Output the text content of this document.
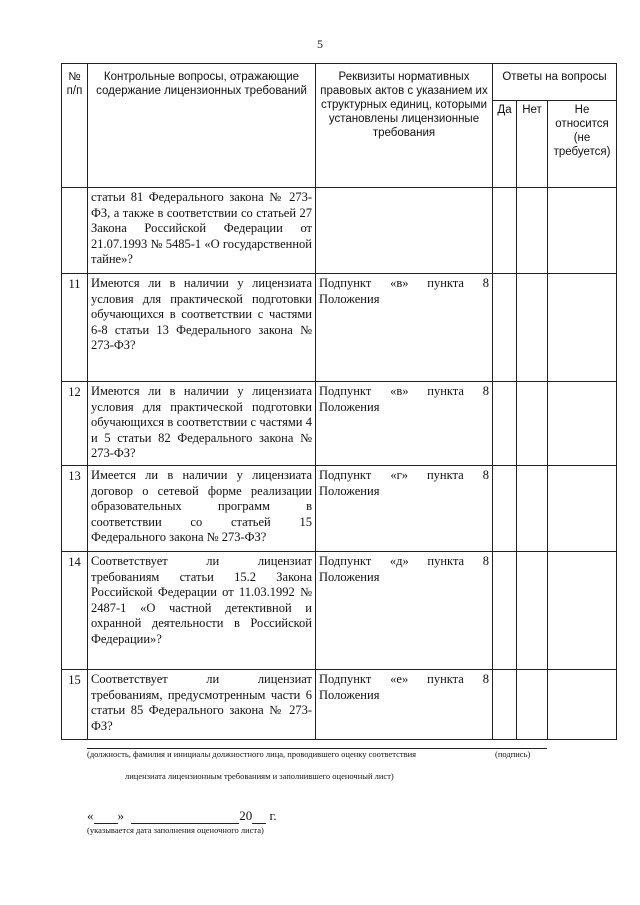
5
№ п/п	Контрольные вопросы, отражающие содержание лицензионных требований	Реквизиты нормативных правовых актов с указанием их структурных единиц, которыми установлены лицензионные требования	Ответы на вопросы		
			Да	Нет	Не относится (не требуется)
	статьи 81 Федерального закона № 273-ФЗ, а также в соответствии со статьей 27 Закона Российской Федерации от 21.07.1993 № 5485-1 «О государственной тайне»?				
11	Имеются ли в наличии у лицензиата условия для практической подготовки обучающихся в соответствии с частями 6-8 статьи 13 Федерального закона № 273-ФЗ?	Подпункт «в» пункта 8 Положения			
12	Имеются ли в наличии у лицензиата условия для практической подготовки обучающихся в соответствии с частями 4 и 5 статьи 82 Федерального закона № 273-ФЗ?	Подпункт «в» пункта 8 Положения			
13	Имеется ли в наличии у лицензиата договор о сетевой форме реализации образовательных программ в соответствии со статьей 15 Федерального закона № 273-ФЗ?	Подпункт «г» пункта 8 Положения			
14	Соответствует ли лицензиат требованиям статьи 15.2 Закона Российской Федерации от 11.03.1992 № 2487-1 «О частной детективной и охранной деятельности в Российской Федерации»?	Подпункт «д» пункта 8 Положения			
15	Соответствует ли лицензиат требованиям, предусмотренным части 6 статьи 85 Федерального закона № 273-ФЗ?	Подпункт «е» пункта 8 Положения			
(должность, фамилия и инициалы должностного лица, проводившего оценку соответствия	(подпись)
лицензиата лицензионным требованиям и заполнившего оценочный лист)
« »	20 г.
(указывается дата заполнения оценочного листа)
